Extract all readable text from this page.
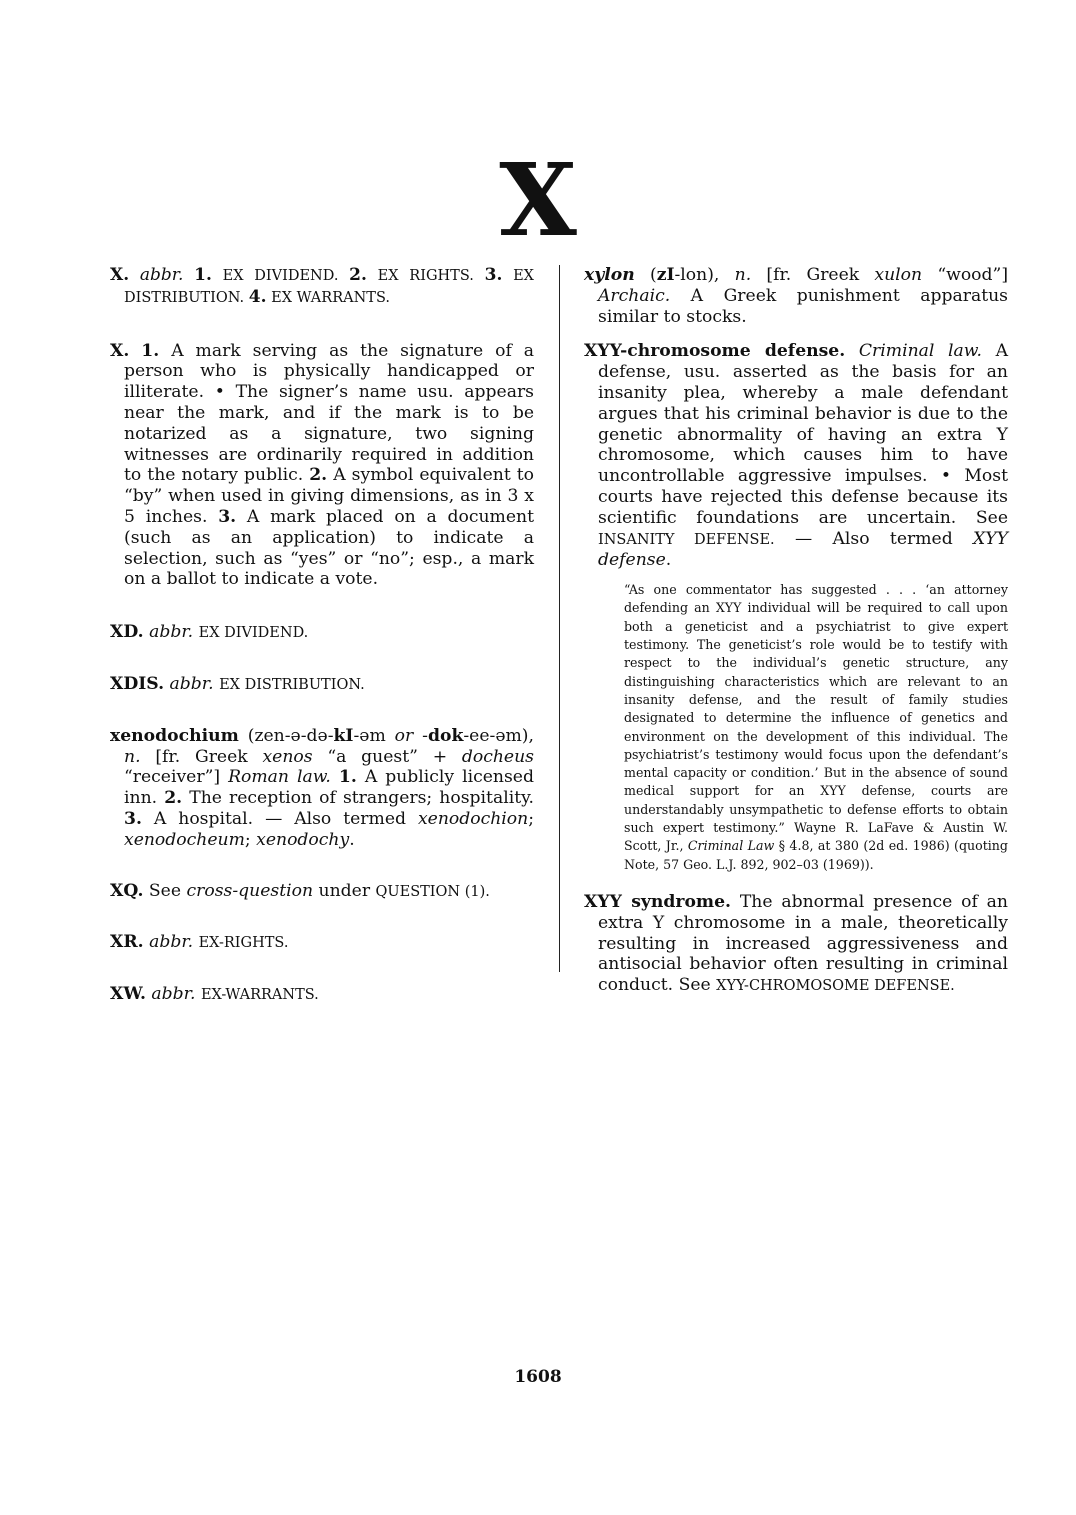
X

X. abbr. 1. EX DIVIDEND. 2. EX RIGHTS. 3. EX DISTRIBUTION. 4. EX WARRANTS.

X. 1. A mark serving as the signature of a person who is physically handicapped or illiterate. • The signer’s name usu. appears near the mark, and if the mark is to be notarized as a signature, two signing witnesses are ordinarily required in addition to the notary public. 2. A symbol equivalent to “by” when used in giving dimensions, as in 3 x 5 inches. 3. A mark placed on a document (such as an application) to indicate a selection, such as “yes” or “no”; esp., a mark on a ballot to indicate a vote.

XD. abbr. EX DIVIDEND.

XDIS. abbr. EX DISTRIBUTION.

xenodochium (zen-ə-də-kI-əm or -dok-ee-əm), n. [fr. Greek xenos “a guest” + docheus “receiver”] Roman law. 1. A publicly licensed inn. 2. The reception of strangers; hospitality. 3. A hospital. — Also termed xenodochion; xenodocheum; xenodochy.

XQ. See cross-question under QUESTION (1).

XR. abbr. EX-RIGHTS.

XW. abbr. EX-WARRANTS.

xylon (zI-lon), n. [fr. Greek xulon “wood”] Archaic. A Greek punishment apparatus similar to stocks.

XYY-chromosome defense. Criminal law. A defense, usu. asserted as the basis for an insanity plea, whereby a male defendant argues that his criminal behavior is due to the genetic abnormality of having an extra Y chromosome, which causes him to have uncontrollable aggressive impulses. • Most courts have rejected this defense because its scientific foundations are uncertain. See INSANITY DEFENSE. — Also termed XYY defense.

“As one commentator has suggested . . . ‘an attorney defending an XYY individual will be required to call upon both a geneticist and a psychiatrist to give expert testimony. The geneticist’s role would be to testify with respect to the individual’s genetic structure, any distinguishing characteristics which are relevant to an insanity defense, and the result of family studies designated to determine the influence of genetics and environment on the development of this individual. The psychiatrist’s testimony would focus upon the defendant’s mental capacity or condition.’ But in the absence of sound medical support for an XYY defense, courts are understandably unsympathetic to defense efforts to obtain such expert testimony.” Wayne R. LaFave & Austin W. Scott, Jr., Criminal Law § 4.8, at 380 (2d ed. 1986) (quoting Note, 57 Geo. L.J. 892, 902–03 (1969)).

XYY syndrome. The abnormal presence of an extra Y chromosome in a male, theoretically resulting in increased aggressiveness and antisocial behavior often resulting in criminal conduct. See XYY-CHROMOSOME DEFENSE.

1608
